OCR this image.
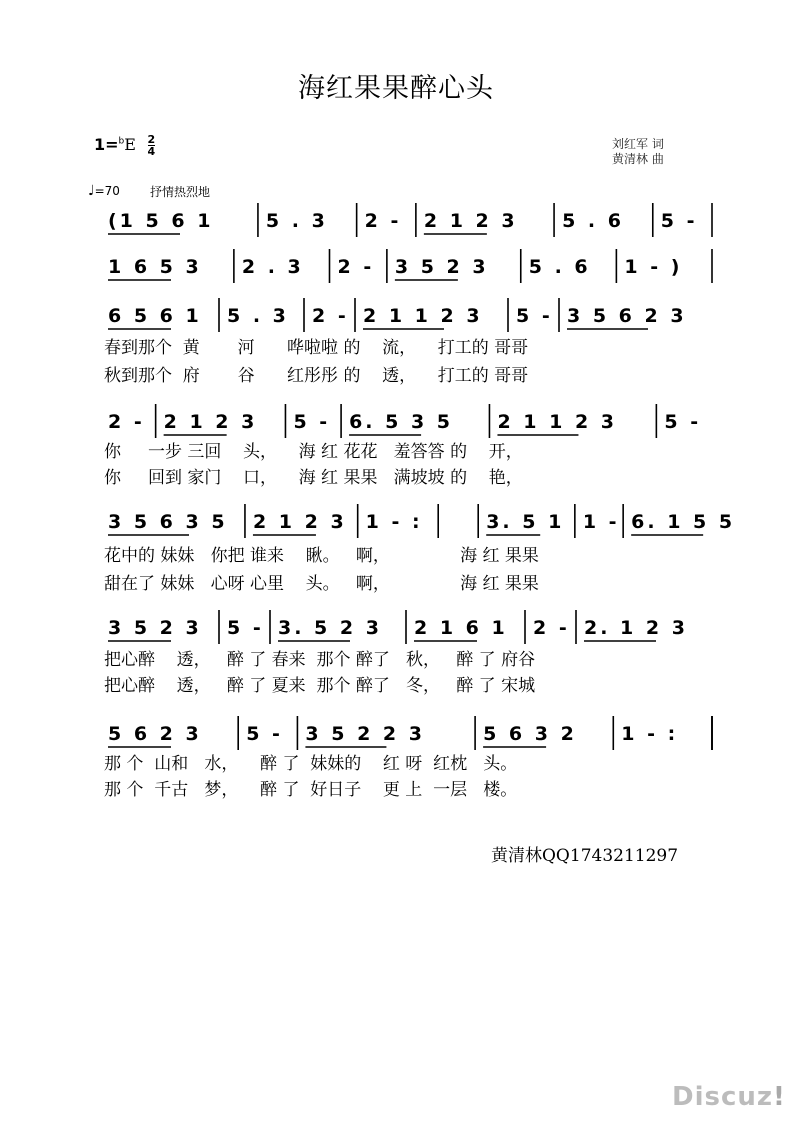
海红果果醉心头
$1=^bE \frac{2}{4}$	刘红军 词
黄清林 曲
♩=70	抒情热烈地
(1 5 6 1	5 . 3 2 - 2 1 2 3 5 . 6 5 -
1 6 5 3 2 . 3 2 - 3 5 2 3 5 . 6 1 - )
6 5 6 1 5 . 3 2 - 2 1 1 2 3 5 - 3 5 6 2 3
2 - 2 1 2 3 5 - 6. 5 3 5 2 1 1 2 3 5 -
3 5 6 3 5 2 1 2 3 1 - :	3. 5 1 1 - 6. 1 5 5
3 5 2 3 5 - 3. 5 2 3 2 1 6 1 2 - 2. 1 2 3
5 6 2 3 5 - 3 5 2 2 3	5 6 3 2 1 - :
春到那个  黄       河      哗啦啦 的    流，    打工的 哥哥
秋到那个  府       谷      红彤彤 的    透，    打工的 哥哥
你     一步 三回    头，    海 红 花花   羞答答 的    开，
你     回到 家门    口，    海 红 果果   满坡坡 的    艳，
花中的 妹妹   你把 谁来    瞅。   啊，             海 红 果果
甜在了 妹妹   心呀 心里    头。   啊，             海 红 果果
把心醉    透，   醉 了 春来  那个 醉了   秋，   醉 了 府谷
把心醉    透，   醉 了 夏来  那个 醉了   冬，   醉 了 宋城
那 个  山和   水，    醉 了  妹妹的    红 呀  红枕   头。
那 个  千古   梦，    醉 了  好日子    更 上  一层   楼。
黄清林QQ1743211297
Discuz!
